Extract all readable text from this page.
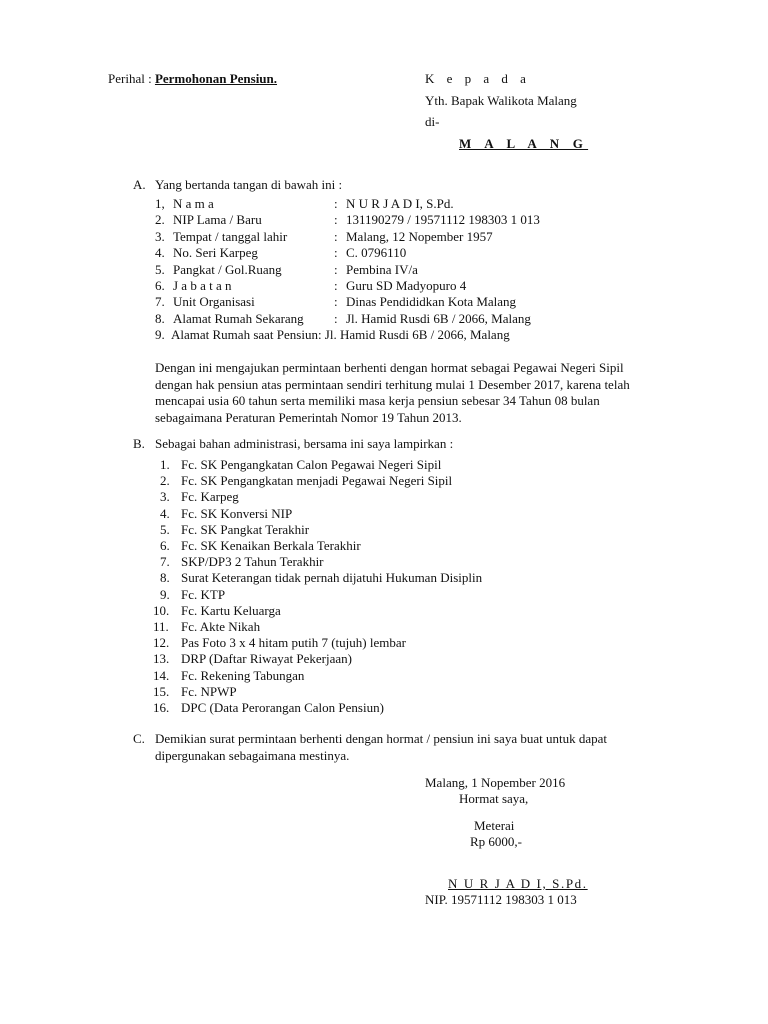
Perihal : Permohonan Pensiun.	K e p a d a
Yth. Bapak Walikota Malang
di-
M A L A N G
A. Yang bertanda tangan di bawah ini :
1, N a m a	: N U R J A D I, S.Pd.
2. NIP Lama / Baru	: 131190279 / 19571112 198303 1 013
3. Tempat / tanggal lahir	: Malang, 12 Nopember 1957
4. No. Seri Karpeg	: C. 0796110
5. Pangkat / Gol.Ruang	: Pembina IV/a
6. J a b a t a n	: Guru SD Madyopuro 4
7. Unit Organisasi	: Dinas Pendididkan Kota Malang
8. Alamat Rumah Sekarang : Jl. Hamid Rusdi 6B / 2066, Malang
9. Alamat Rumah saat Pensiun: Jl. Hamid Rusdi 6B / 2066, Malang
Dengan ini mengajukan permintaan berhenti dengan hormat sebagai Pegawai Negeri Sipil
dengan hak pensiun atas permintaan sendiri terhitung mulai 1 Desember 2017, karena telah
mencapai usia 60 tahun serta memiliki masa kerja pensiun sebesar 34 Tahun 08 bulan
sebagaimana Peraturan Pemerintah Nomor 19 Tahun 2013.
B. Sebagai bahan administrasi, bersama ini saya lampirkan :
1. Fc. SK Pengangkatan Calon Pegawai Negeri Sipil
2. Fc. SK Pengangkatan menjadi Pegawai Negeri Sipil
3. Fc. Karpeg
4. Fc. SK Konversi NIP
5. Fc. SK Pangkat Terakhir
6. Fc. SK Kenaikan Berkala Terakhir
7. SKP/DP3 2 Tahun Terakhir
8. Surat Keterangan tidak pernah dijatuhi Hukuman Disiplin
9. Fc. KTP
10. Fc. Kartu Keluarga
11. Fc. Akte Nikah
12. Pas Foto 3 x 4 hitam putih 7 (tujuh) lembar
13. DRP (Daftar Riwayat Pekerjaan)
14. Fc. Rekening Tabungan
15. Fc. NPWP
16. DPC (Data Perorangan Calon Pensiun)
C. Demikian surat permintaan berhenti dengan hormat / pensiun ini saya buat untuk dapat
dipergunakan sebagaimana mestinya.
Malang, 1 Nopember 2016
Hormat saya,
Meterai
Rp 6000,-
N U R J A D I, S.Pd.
NIP. 19571112 198303 1 013
